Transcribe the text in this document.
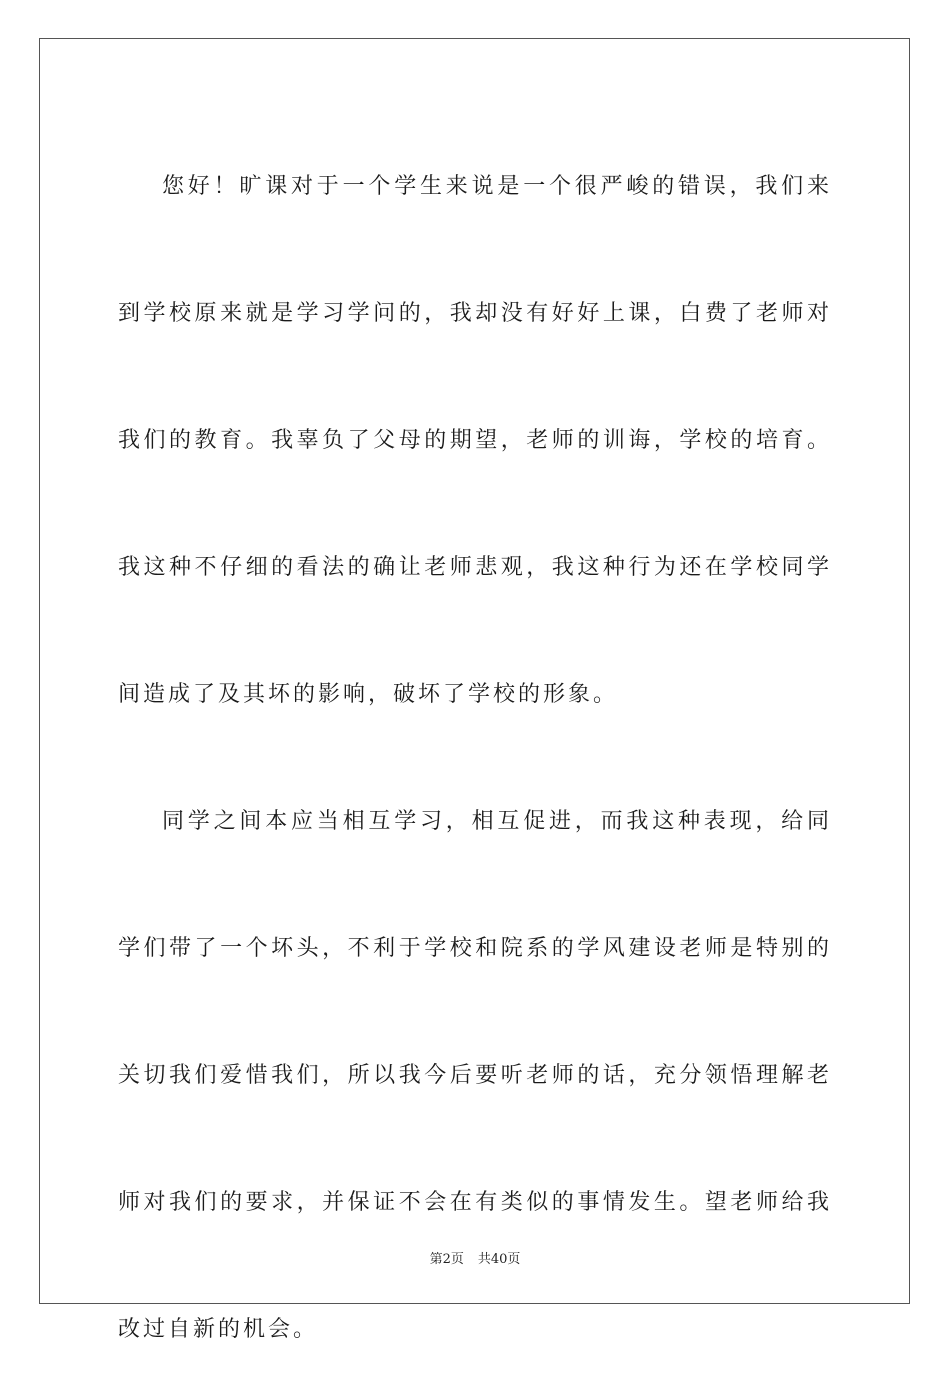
您好！旷课对于一个学生来说是一个很严峻的错误，我们来到学校原来就是学习学问的，我却没有好好上课，白费了老师对我们的教育。我辜负了父母的期望，老师的训诲，学校的培育。我这种不仔细的看法的确让老师悲观，我这种行为还在学校同学间造成了及其坏的影响，破坏了学校的形象。

同学之间本应当相互学习，相互促进，而我这种表现，给同学们带了一个坏头，不利于学校和院系的学风建设老师是特别的关切我们爱惜我们，所以我今后要听老师的话，充分领悟理解老师对我们的要求，并保证不会在有类似的事情发生。望老师给我改过自新的机会。

第2页 共40页
